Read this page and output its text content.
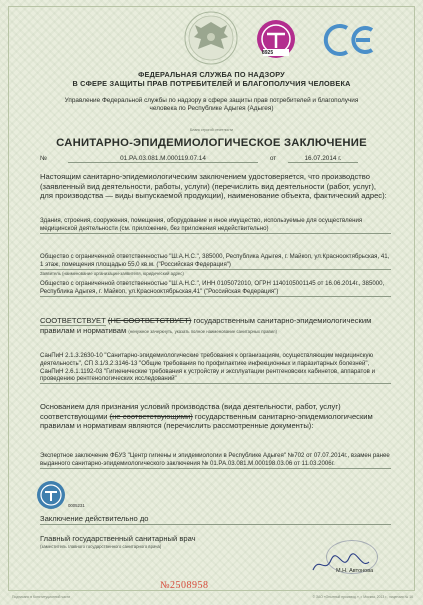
8925
ФЕДЕРАЛЬНАЯ СЛУЖБА ПО НАДЗОРУ
В СФЕРЕ ЗАЩИТЫ ПРАВ ПОТРЕБИТЕЛЕЙ И БЛАГОПОЛУЧИЯ ЧЕЛОВЕКА
Управление Федеральной службы по надзору в сфере защиты прав потребителей и благополучия
человека по Республике Адыгея (Адыгея)
Бланк строгой отчетности
САНИТАРНО-ЭПИДЕМИОЛОГИЧЕСКОЕ ЗАКЛЮЧЕНИЕ
№	01.РА.03.081.М.000119.07.14	от	16.07.2014 г.
Настоящим санитарно-эпидемиологическим заключением удостоверяется, что производство (заявленный вид деятельности, работы, услуги) (перечислить вид деятельности (работ, услуг), для производства — виды выпускаемой продукции), наименование объекта, фактический адрес):
Здания, строения, сооружения, помещения, оборудование и иное имущество, используемые для осуществления медицинской деятельности (см. приложение, без приложения недействительно)
Общество с ограниченной ответственностью "Ш.А.Н.С.", 385000, Республика Адыгея, г. Майкоп, ул.Краснооктябрьская, 41, 1 этаж, помещения площадью 55,0 кв.м. ("Российская Федерация")
Заявитель (наименование организации-заявителя, юридический адрес)
Общество с ограниченной ответственностью "Ш.А.Н.С.", ИНН 0105072010, ОГРН 1140105001145 от 16.06.2014г., 385000, Республика Адыгея, г. Майкоп, ул.Краснооктябрьская,41" ("Российская Федерация")
СООТВЕТСТВУЕТ (НЕ СООТВЕТСТВУЕТ) государственным санитарно-эпидемиологическим правилам и нормативам (ненужное зачеркнуть, указать полное наименование санитарных правил)
СанПиН 2.1.3.2630-10 "Санитарно-эпидемиологические требования к организациям, осуществляющим медицинскую деятельность", СП 3.1/3.2.3146-13 "Общие требования по профилактике инфекционных и паразитарных болезней", СанПиН 2.6.1.1192-03 "Гигиенические требования к устройству и эксплуатации рентгеновских кабинетов, аппаратов и проведению рентгенологических исследований"
Основанием для признания условий производства (вида деятельности, работ, услуг) соответствующими (не соответствующими) государственным санитарно-эпидемиологическим правилам и нормативам являются (перечислить рассмотренные документы):
Экспертное заключение ФБУЗ "Центр гигиены и эпидемиологии в Республике Адыгея" №702 от 07.07.2014г., взамен ранее выданного санитарно-эпидемиологического заключения № 01.РА.03.081.М.000198.03.06 от 11.03.2006г.
0005231
Заключение действительно до
Главный государственный санитарный врач
(заместитель главного государственного санитарного врача)
М.Н. Автонова
№2508958
Подписано в Конституционной части	© ЗАО «Опытный производ.», г. Москва, 2013 г., лицензия № 16
